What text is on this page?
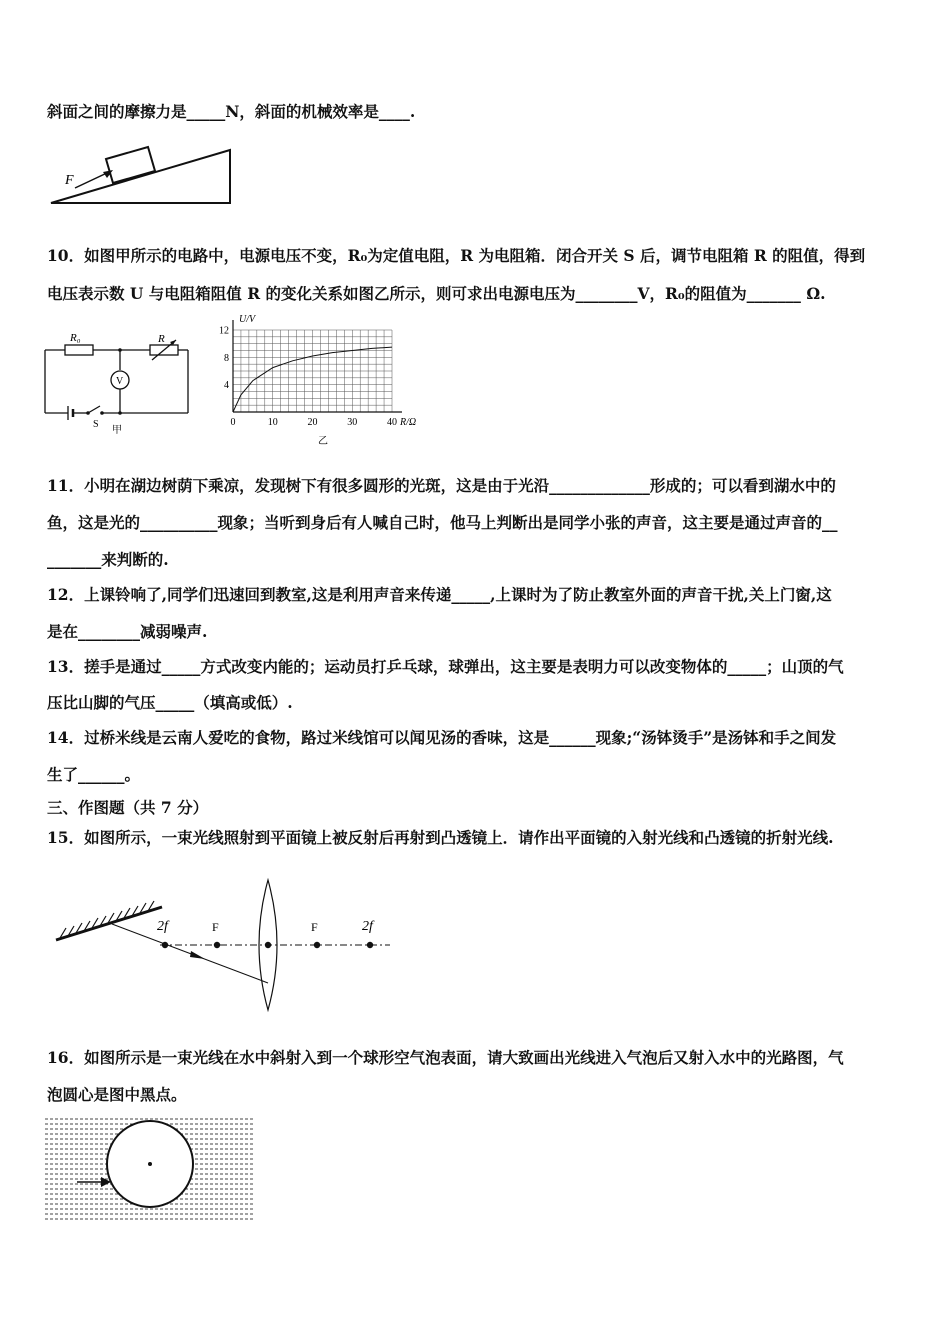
斜面之间的摩擦力是_____N，斜面的机械效率是____.
F
10．如图甲所示的电路中，电源电压不变，R₀为定值电阻，R 为电阻箱．闭合开关 S 后，调节电阻箱 R 的阻值，得到
电压表示数 U 与电阻箱阻值 R 的变化关系如图乙所示，则可求出电源电压为________V，R₀的阻值为_______ Ω.
R₀	R
V
S
甲
U/V
R/Ω
0	10	20	30	40
4
8
12
乙
11．小明在湖边树荫下乘凉，发现树下有很多圆形的光斑，这是由于光沿_____________形成的；可以看到湖水中的
鱼，这是光的__________现象；当听到身后有人喊自己时，他马上判断出是同学小张的声音，这主要是通过声音的__
_______来判断的.
12．上课铃响了,同学们迅速回到教室,这是利用声音来传递_____,上课时为了防止教室外面的声音干扰,关上门窗,这
是在________减弱噪声.
13．搓手是通过_____方式改变内能的；运动员打乒乓球，球弹出，这主要是表明力可以改变物体的_____；山顶的气
压比山脚的气压_____（填高或低）.
14．过桥米线是云南人爱吃的食物，路过米线馆可以闻见汤的香味，这是______现象;“汤钵烫手”是汤钵和手之间发
生了______。
三、作图题（共 7 分）
15．如图所示，一束光线照射到平面镜上被反射后再射到凸透镜上．请作出平面镜的入射光线和凸透镜的折射光线.
2f	F	F	2f
16．如图所示是一束光线在水中斜射入到一个球形空气泡表面，请大致画出光线进入气泡后又射入水中的光路图，气
泡圆心是图中黑点。
